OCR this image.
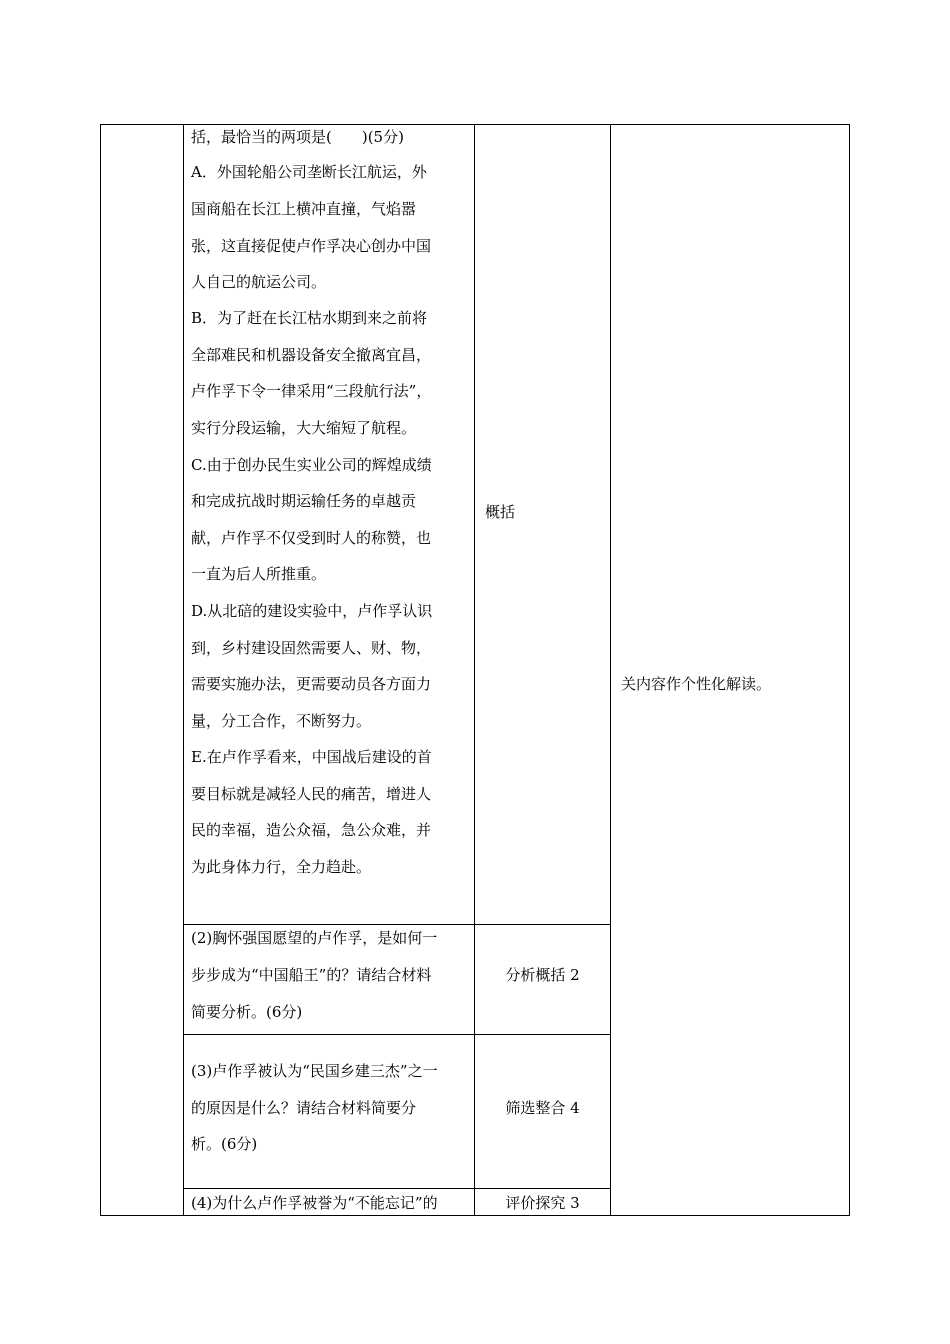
括，最恰当的两项是(　　)(5分)
A．外国轮船公司垄断长江航运，外
国商船在长江上横冲直撞，气焰嚣
张，这直接促使卢作孚决心创办中国
人自己的航运公司。
B．为了赶在长江枯水期到来之前将
全部难民和机器设备安全撤离宜昌，
卢作孚下令一律采用“三段航行法”，
实行分段运输，大大缩短了航程。
C.由于创办民生实业公司的辉煌成绩
和完成抗战时期运输任务的卓越贡
献，卢作孚不仅受到时人的称赞，也
一直为后人所推重。
D.从北碚的建设实验中，卢作孚认识
到，乡村建设固然需要人、财、物，
需要实施办法，更需要动员各方面力
量，分工合作，不断努力。
E.在卢作孚看来，中国战后建设的首
要目标就是减轻人民的痛苦，增进人
民的幸福，造公众福，急公众难，并
为此身体力行，全力趋赴。
概括
(2)胸怀强国愿望的卢作孚，是如何一
步步成为“中国船王”的？请结合材料
简要分析。(6分)
分析概括 2
(3)卢作孚被认为“民国乡建三杰”之一
的原因是什么？请结合材料简要分
析。(6分)
筛选整合 4
(4)为什么卢作孚被誉为“不能忘记”的	评价探究 3
关内容作个性化解读。
